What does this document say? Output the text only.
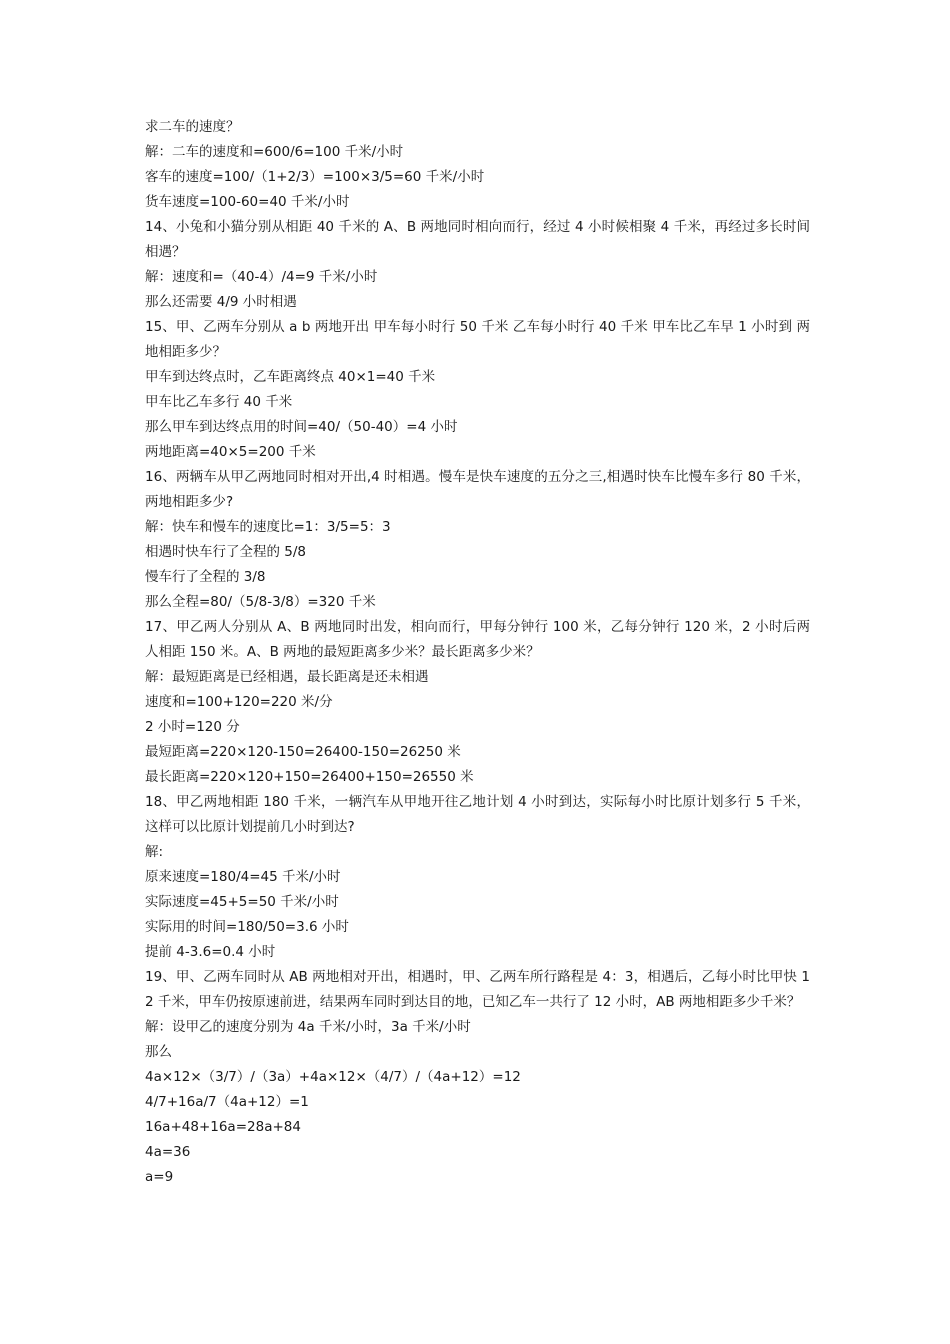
求二车的速度？
解：二车的速度和=600/6=100 千米/小时
客车的速度=100/（1+2/3）=100×3/5=60 千米/小时
货车速度=100-60=40 千米/小时
14、小兔和小猫分别从相距 40 千米的 A、B 两地同时相向而行，经过 4 小时候相聚 4 千米，再经过多长时间相遇？
解：速度和=（40-4）/4=9 千米/小时
那么还需要 4/9 小时相遇
15、甲、乙两车分别从 a b 两地开出 甲车每小时行 50 千米 乙车每小时行 40 千米 甲车比乙车早 1 小时到 两地相距多少？
甲车到达终点时，乙车距离终点 40×1=40 千米
甲车比乙车多行 40 千米
那么甲车到达终点用的时间=40/（50-40）=4 小时
两地距离=40×5=200 千米
16、两辆车从甲乙两地同时相对开出,4 时相遇。慢车是快车速度的五分之三,相遇时快车比慢车多行 80 千米，两地相距多少?
解：快车和慢车的速度比=1：3/5=5：3
相遇时快车行了全程的 5/8
慢车行了全程的 3/8
那么全程=80/（5/8-3/8）=320 千米
17、甲乙两人分别从 A、B 两地同时出发，相向而行，甲每分钟行 100 米，乙每分钟行 120 米，2 小时后两人相距 150 米。A、B 两地的最短距离多少米？最长距离多少米？
解：最短距离是已经相遇，最长距离是还未相遇
速度和=100+120=220 米/分
2 小时=120 分
最短距离=220×120-150=26400-150=26250 米
最长距离=220×120+150=26400+150=26550 米
18、甲乙两地相距 180 千米，一辆汽车从甲地开往乙地计划 4 小时到达，实际每小时比原计划多行 5 千米，这样可以比原计划提前几小时到达?
解:
原来速度=180/4=45 千米/小时
实际速度=45+5=50 千米/小时
实际用的时间=180/50=3.6 小时
提前 4-3.6=0.4 小时
19、甲、乙两车同时从 AB 两地相对开出，相遇时，甲、乙两车所行路程是 4：3，相遇后，乙每小时比甲快 12 千米，甲车仍按原速前进，结果两车同时到达目的地，已知乙车一共行了 12 小时，AB 两地相距多少千米？
解：设甲乙的速度分别为 4a 千米/小时，3a 千米/小时
那么
4a×12×（3/7）/（3a）+4a×12×（4/7）/（4a+12）=12
4/7+16a/7（4a+12）=1
16a+48+16a=28a+84
4a=36
a=9
